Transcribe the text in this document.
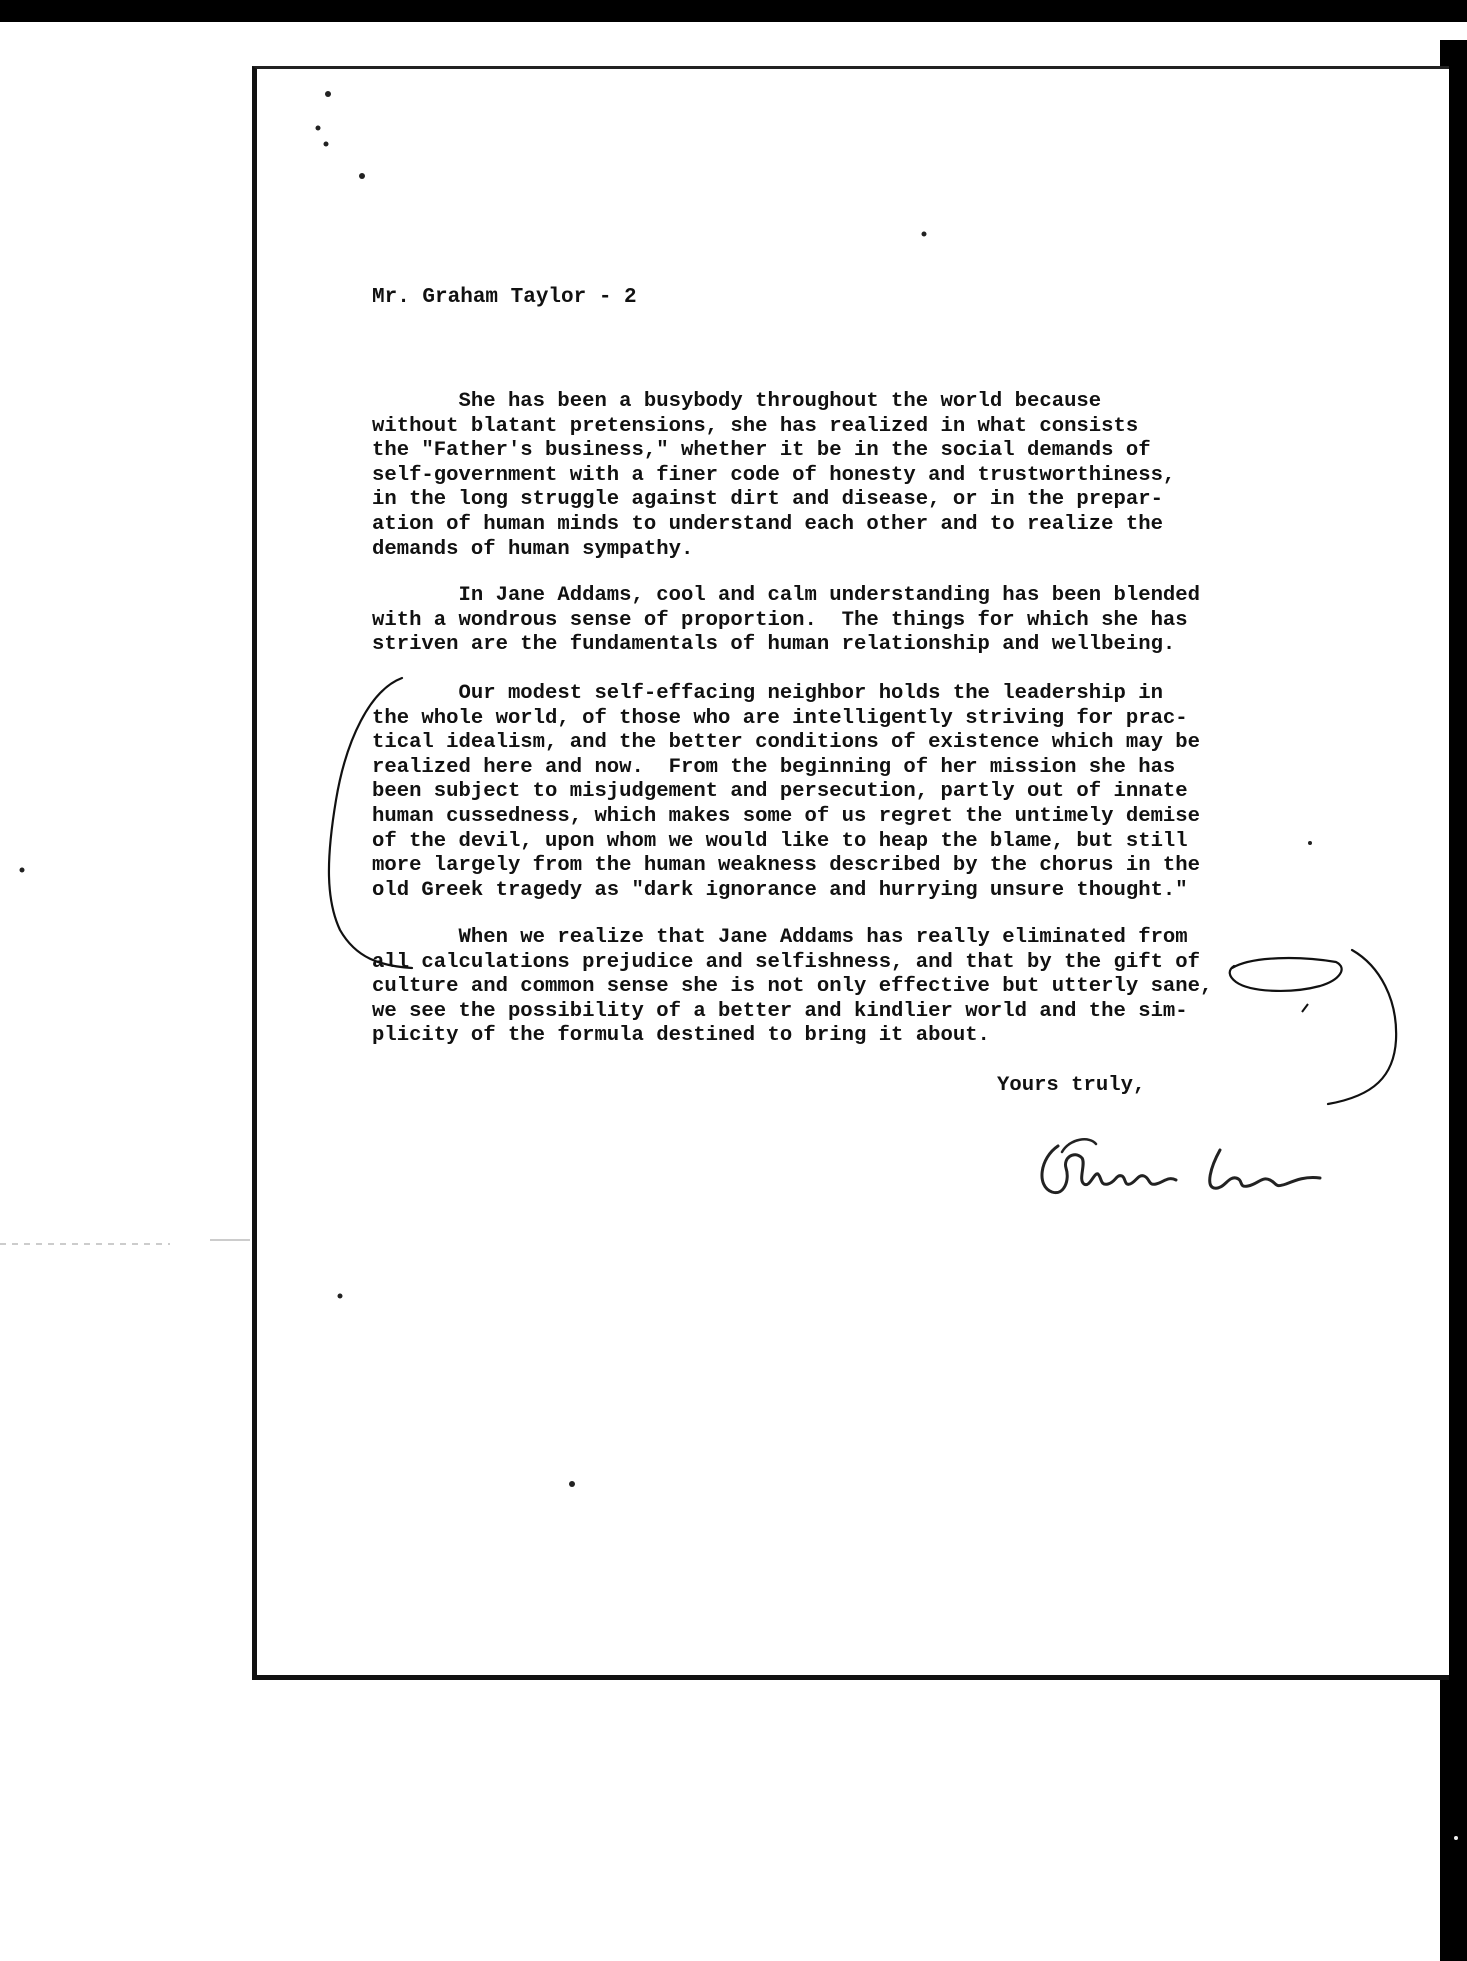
Mr. Graham Taylor - 2
She has been a busybody throughout the world because
without blatant pretensions, she has realized in what consists
the "Father's business," whether it be in the social demands of
self-government with a finer code of honesty and trustworthiness,
in the long struggle against dirt and disease, or in the prepar-
ation of human minds to understand each other and to realize the
demands of human sympathy.
In Jane Addams, cool and calm understanding has been blended
with a wondrous sense of proportion.  The things for which she has
striven are the fundamentals of human relationship and wellbeing.
Our modest self-effacing neighbor holds the leadership in
the whole world, of those who are intelligently striving for prac-
tical idealism, and the better conditions of existence which may be
realized here and now.  From the beginning of her mission she has
been subject to misjudgement and persecution, partly out of innate
human cussedness, which makes some of us regret the untimely demise
of the devil, upon whom we would like to heap the blame, but still
more largely from the human weakness described by the chorus in the
old Greek tragedy as "dark ignorance and hurrying unsure thought."
When we realize that Jane Addams has really eliminated from
all calculations prejudice and selfishness, and that by the gift of
culture and common sense she is not only effective but utterly sane,
we see the possibility of a better and kindlier world and the sim-
plicity of the formula destined to bring it about.
Yours truly,
